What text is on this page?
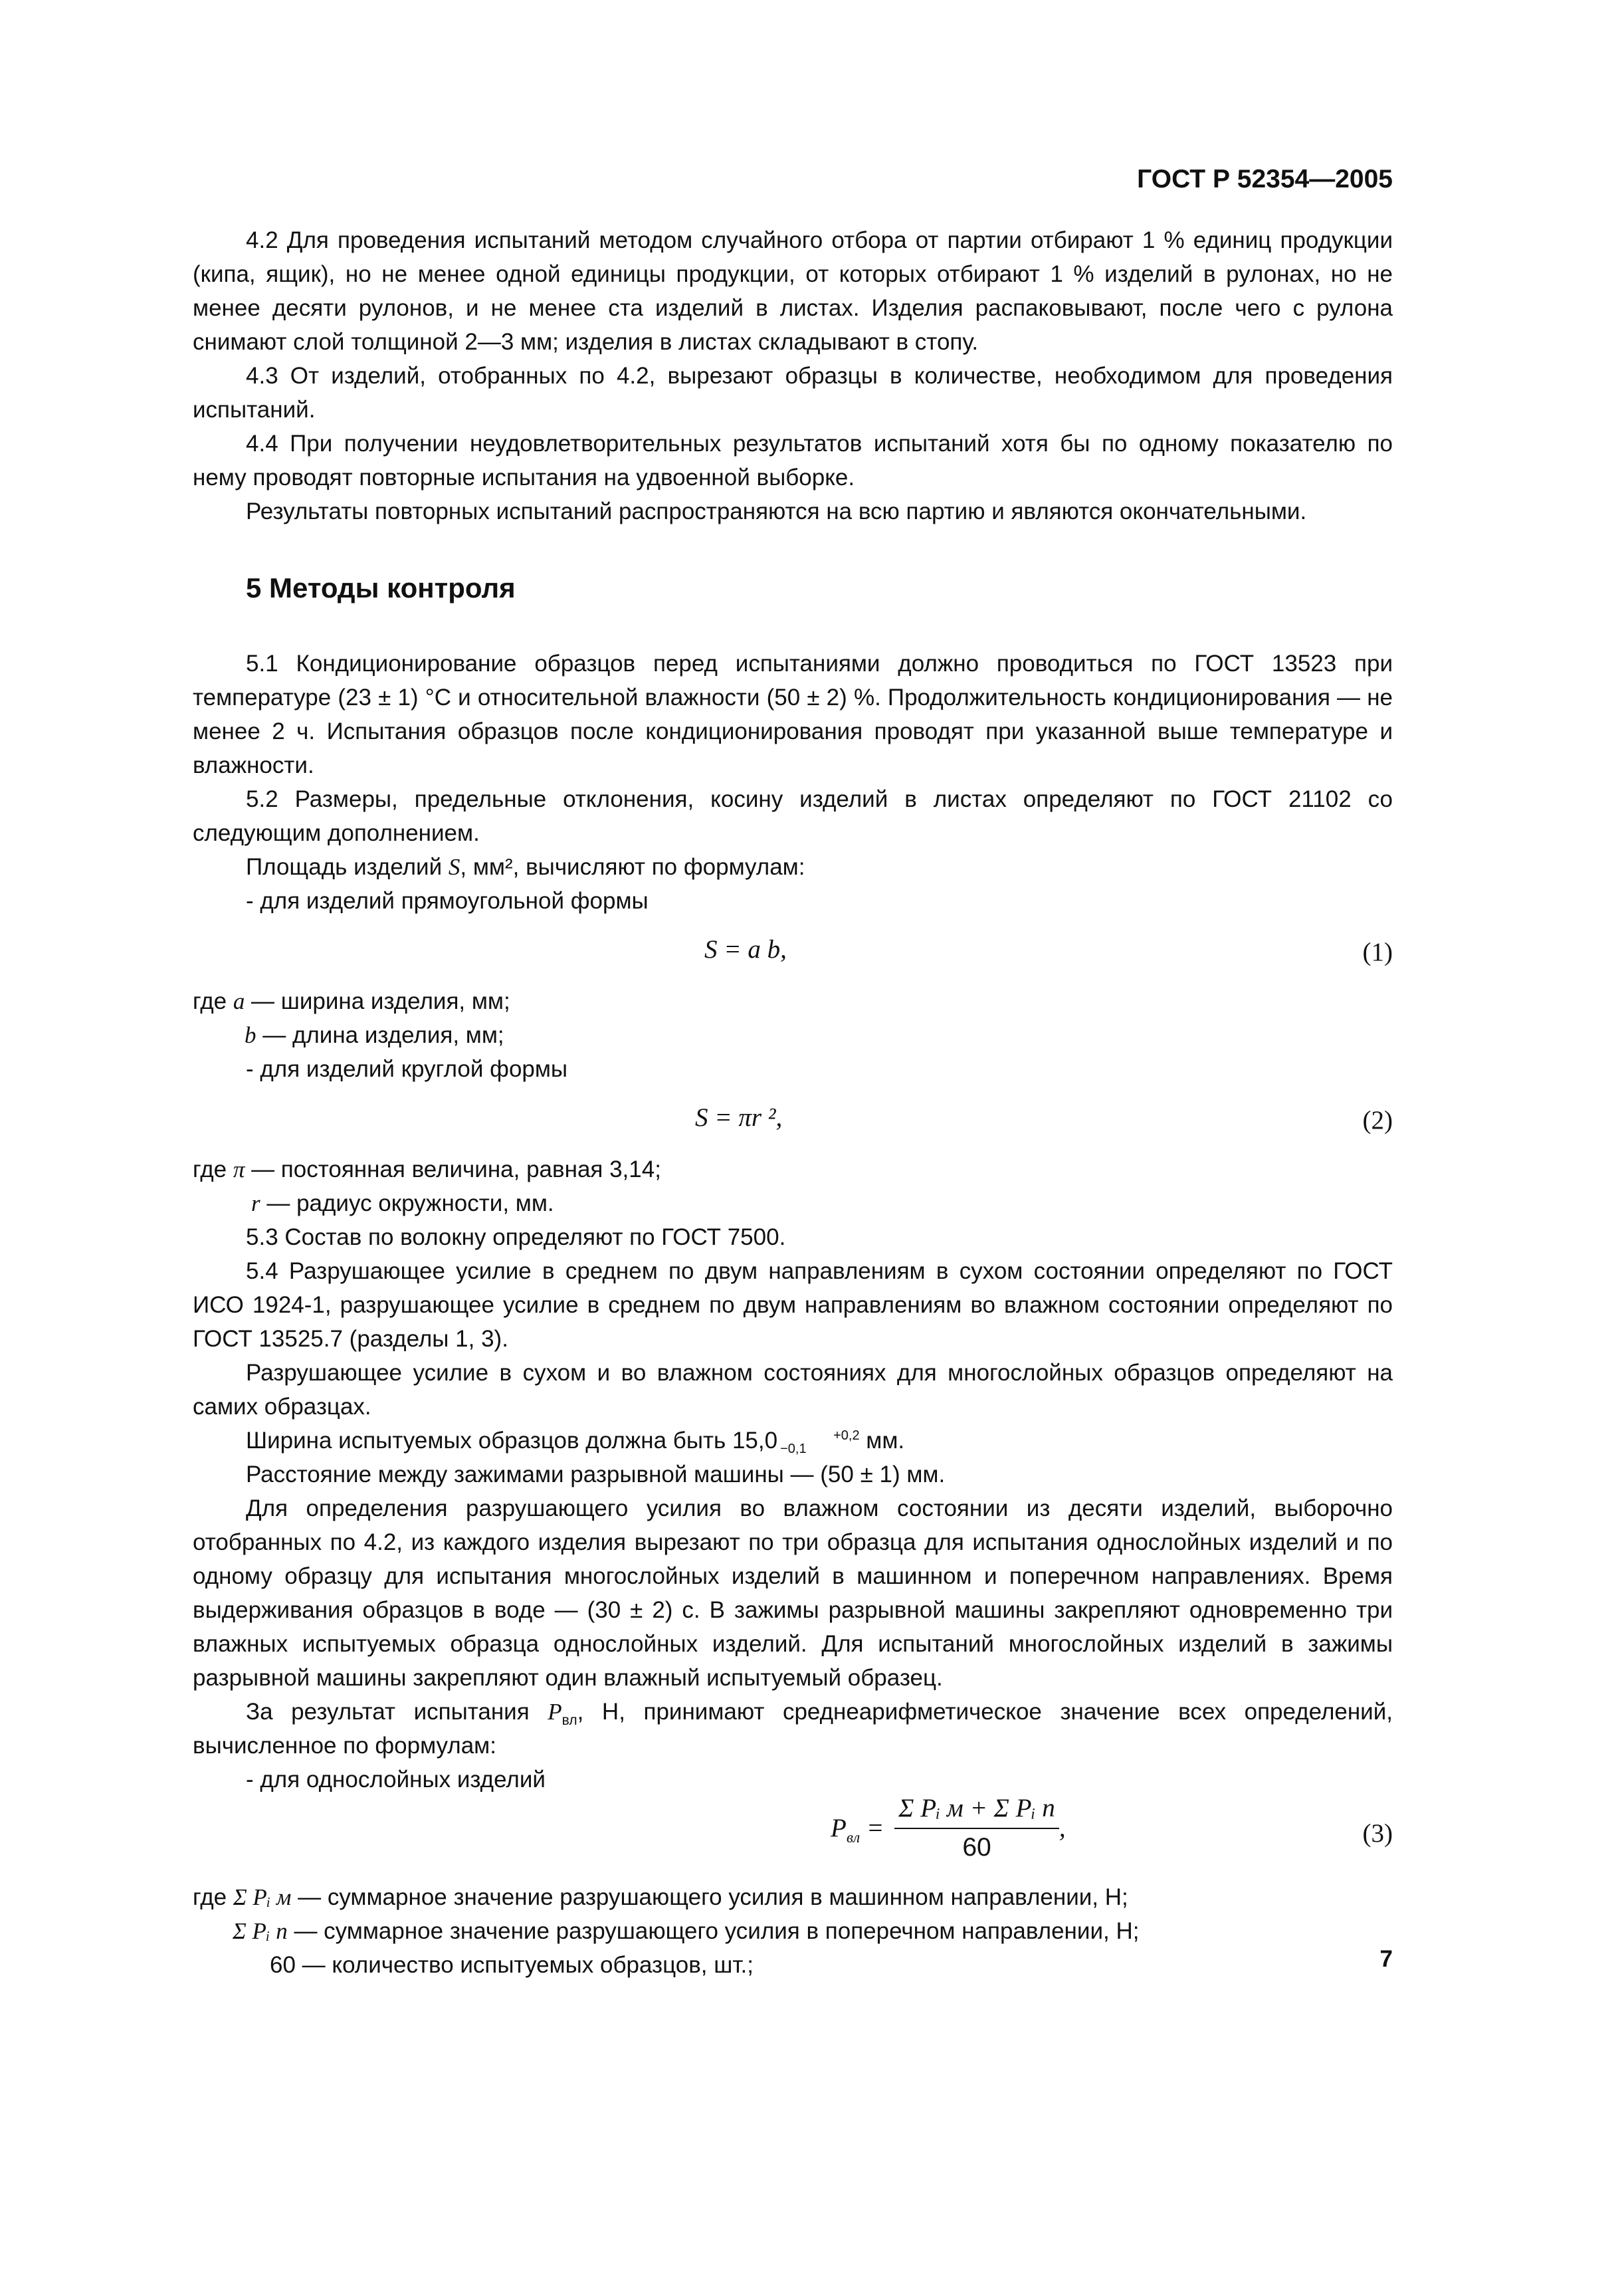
ГОСТ Р 52354—2005

4.2 Для проведения испытаний методом случайного отбора от партии отбирают 1 % единиц продукции (кипа, ящик), но не менее одной единицы продукции, от которых отбирают 1 % изделий в рулонах, но не менее десяти рулонов, и не менее ста изделий в листах. Изделия распаковывают, после чего с рулона снимают слой толщиной 2—3 мм; изделия в листах складывают в стопу.

4.3 От изделий, отобранных по 4.2, вырезают образцы в количестве, необходимом для проведения испытаний.

4.4 При получении неудовлетворительных результатов испытаний хотя бы по одному показателю по нему проводят повторные испытания на удвоенной выборке.

Результаты повторных испытаний распространяются на всю партию и являются окончательными.

5 Методы контроля

5.1 Кондиционирование образцов перед испытаниями должно проводиться по ГОСТ 13523 при температуре (23 ± 1) °С и относительной влажности (50 ± 2) %. Продолжительность кондиционирования — не менее 2 ч. Испытания образцов после кондиционирования проводят при указанной выше температуре и влажности.

5.2 Размеры, предельные отклонения, косину изделий в листах определяют по ГОСТ 21102 со следующим дополнением.

Площадь изделий S, мм², вычисляют по формулам:

- для изделий прямоугольной формы

S = a b,	(1)

где a — ширина изделия, мм;

b — длина изделия, мм;

- для изделий круглой формы

S = πr ²,	(2)

где π — постоянная величина, равная 3,14;

r — радиус окружности, мм.

5.3 Состав по волокну определяют по ГОСТ 7500.

5.4 Разрушающее усилие в среднем по двум направлениям в сухом состоянии определяют по ГОСТ ИСО 1924-1, разрушающее усилие в среднем по двум направлениям во влажном состоянии определяют по ГОСТ 13525.7 (разделы 1, 3).

Разрушающее усилие в сухом и во влажном состояниях для многослойных образцов определяют на самих образцах.

Ширина испытуемых образцов должна быть 15,0	+0,2
−0,1 мм.

Расстояние между зажимами разрывной машины — (50 ± 1) мм.

Для определения разрушающего усилия во влажном состоянии из десяти изделий, выборочно отобранных по 4.2, из каждого изделия вырезают по три образца для испытания однослойных изделий и по одному образцу для испытания многослойных изделий в машинном и поперечном направлениях. Время выдерживания образцов в воде — (30 ± 2) с. В зажимы разрывной машины закрепляют одновременно три влажных испытуемых образца однослойных изделий. Для испытаний многослойных изделий в зажимы разрывной машины закрепляют один влажный испытуемый образец.

За результат испытания $P_{вл}$, Н, принимают среднеарифметическое значение всех определений, вычисленное по формулам:

- для однослойных изделий

$P_{вл} = \frac{\text{Σ Pᵢ м + Σ Pᵢ п}}{60}$ ,	(3)

где Σ Pᵢ м — суммарное значение разрушающего усилия в машинном направлении, Н;

Σ Pᵢ п — суммарное значение разрушающего усилия в поперечном направлении, Н;

60 — количество испытуемых образцов, шт.;	7
